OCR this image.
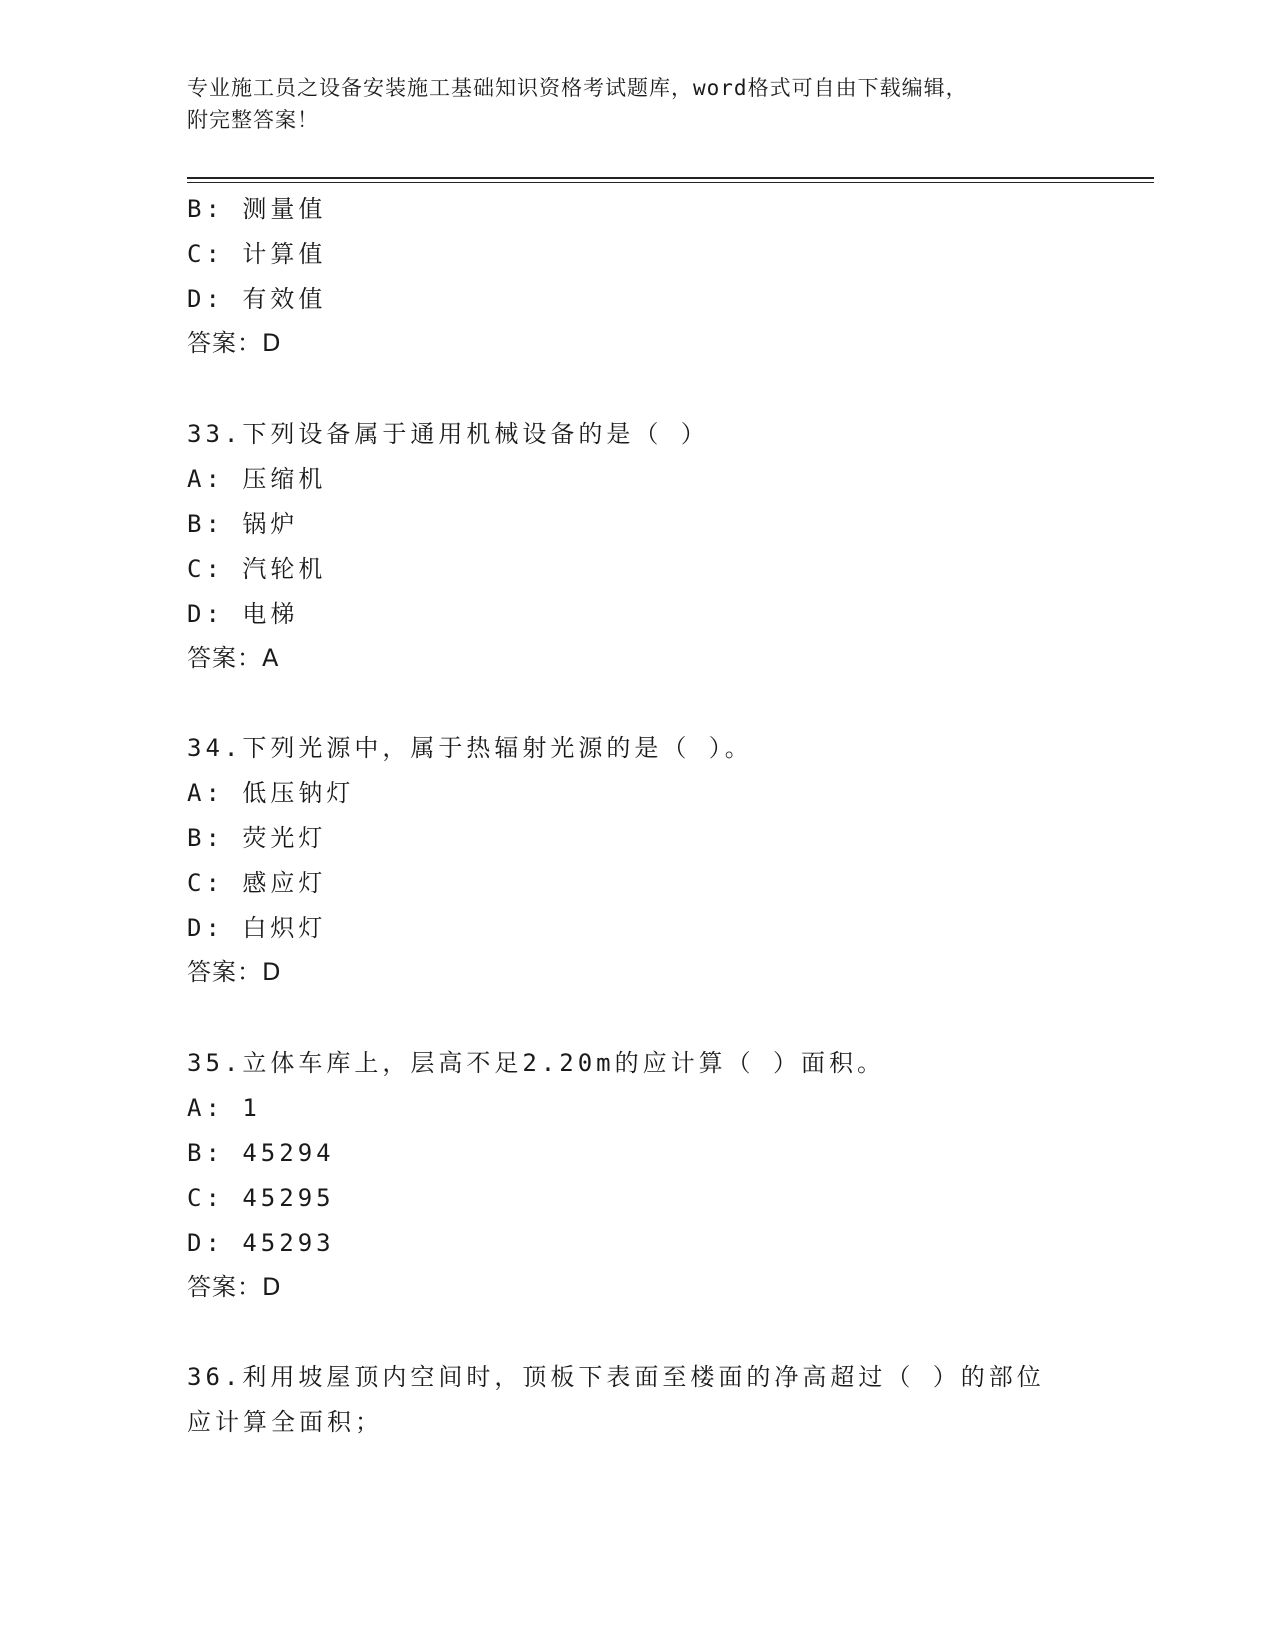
专业施工员之设备安装施工基础知识资格考试题库，word格式可自由下载编辑，
附完整答案！
B: 测量值
C: 计算值
D: 有效值
答案：D
33.下列设备属于通用机械设备的是（ ）
A: 压缩机
B: 锅炉
C: 汽轮机
D: 电梯
答案：A
34.下列光源中，属于热辐射光源的是（ ）。
A: 低压钠灯
B: 荧光灯
C: 感应灯
D: 白炽灯
答案：D
35.立体车库上，层高不足2.20m的应计算（ ）面积。
A: 1
B: 45294
C: 45295
D: 45293
答案：D
36.利用坡屋顶内空间时，顶板下表面至楼面的净高超过（ ）的部位
应计算全面积；
